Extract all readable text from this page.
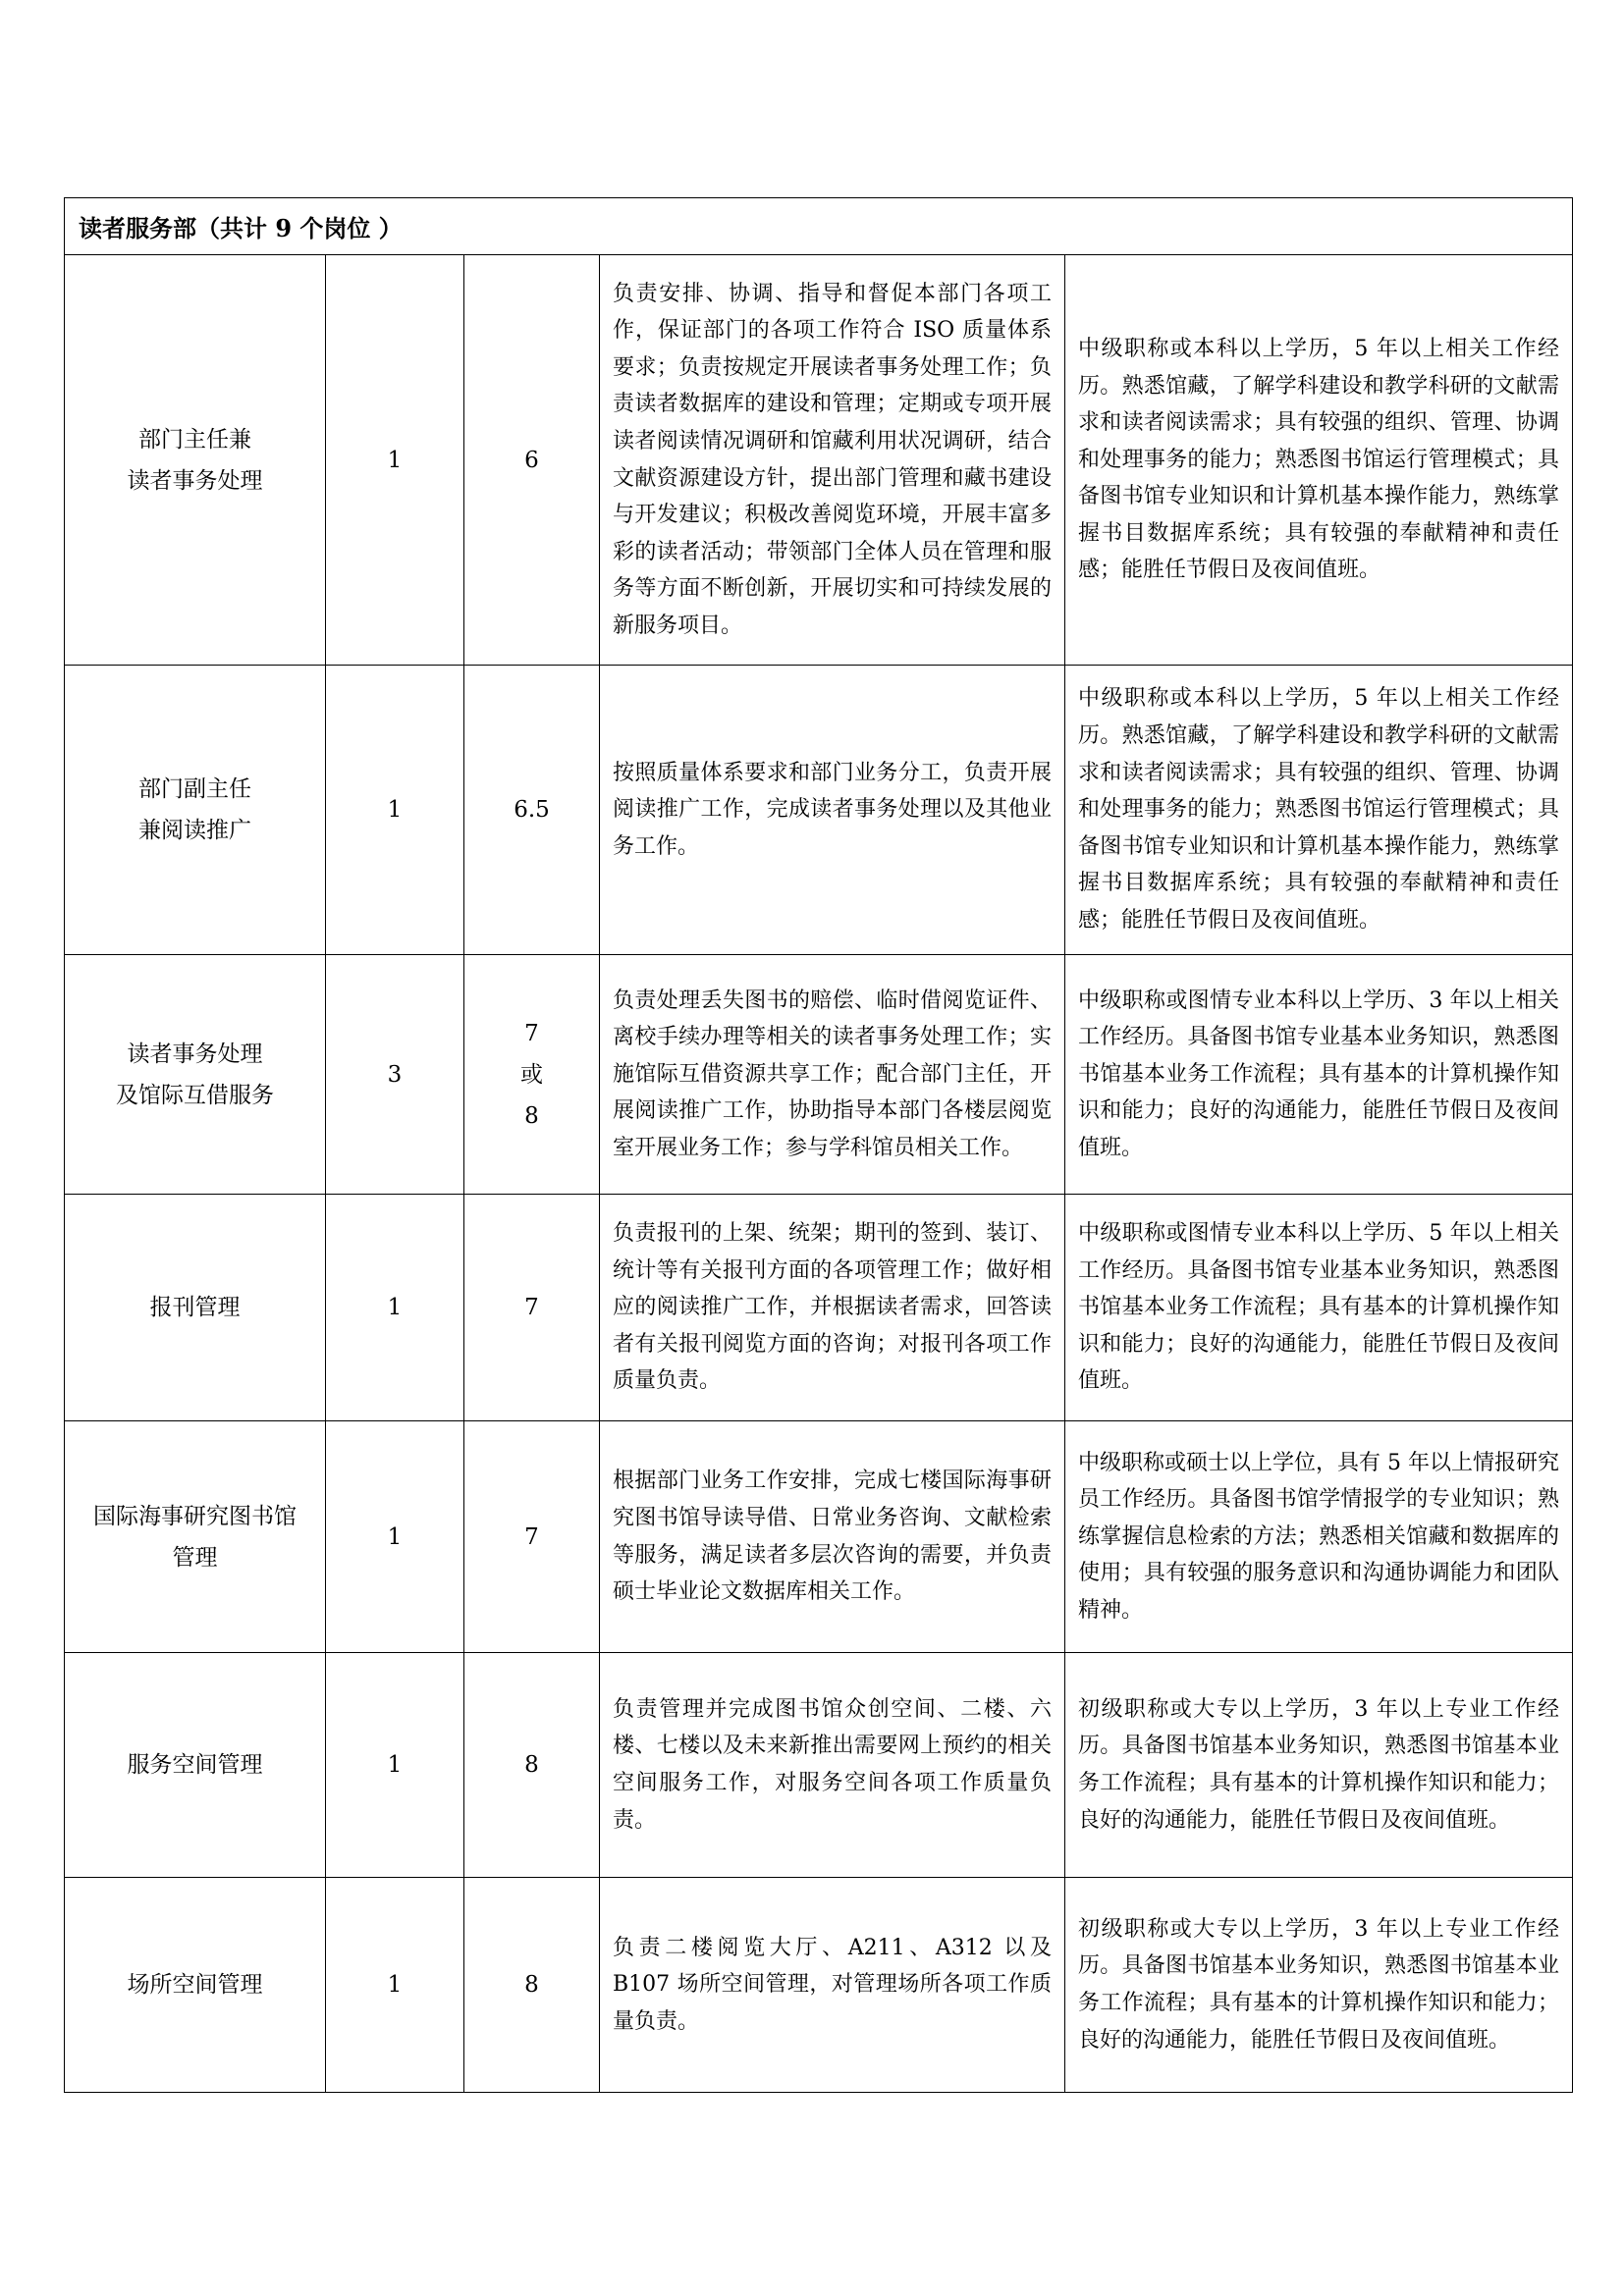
读者服务部（共计 9 个岗位 ）				

部门主任兼
读者事务处理	1	6	负责安排、协调、指导和督促本部门各项工作，保证部门的各项工作符合 ISO 质量体系要求；负责按规定开展读者事务处理工作；负责读者数据库的建设和管理；定期或专项开展读者阅读情况调研和馆藏利用状况调研，结合文献资源建设方针，提出部门管理和藏书建设与开发建议；积极改善阅览环境，开展丰富多彩的读者活动；带领部门全体人员在管理和服务等方面不断创新，开展切实和可持续发展的新服务项目。	中级职称或本科以上学历，5 年以上相关工作经历。熟悉馆藏，了解学科建设和教学科研的文献需求和读者阅读需求；具有较强的组织、管理、协调和处理事务的能力；熟悉图书馆运行管理模式；具备图书馆专业知识和计算机基本操作能力，熟练掌握书目数据库系统；具有较强的奉献精神和责任感；能胜任节假日及夜间值班。

部门副主任
兼阅读推广	1	6.5	按照质量体系要求和部门业务分工，负责开展阅读推广工作，完成读者事务处理以及其他业务工作。	中级职称或本科以上学历，5 年以上相关工作经历。熟悉馆藏，了解学科建设和教学科研的文献需求和读者阅读需求；具有较强的组织、管理、协调和处理事务的能力；熟悉图书馆运行管理模式；具备图书馆专业知识和计算机基本操作能力，熟练掌握书目数据库系统；具有较强的奉献精神和责任感；能胜任节假日及夜间值班。

读者事务处理
及馆际互借服务	3	7
或
8	负责处理丢失图书的赔偿、临时借阅览证件、离校手续办理等相关的读者事务处理工作；实施馆际互借资源共享工作；配合部门主任，开展阅读推广工作，协助指导本部门各楼层阅览室开展业务工作；参与学科馆员相关工作。	中级职称或图情专业本科以上学历、3 年以上相关工作经历。具备图书馆专业基本业务知识，熟悉图书馆基本业务工作流程；具有基本的计算机操作知识和能力；良好的沟通能力，能胜任节假日及夜间值班。

报刊管理	1	7	负责报刊的上架、统架；期刊的签到、装订、统计等有关报刊方面的各项管理工作；做好相应的阅读推广工作，并根据读者需求，回答读者有关报刊阅览方面的咨询；对报刊各项工作质量负责。	中级职称或图情专业本科以上学历、5 年以上相关工作经历。具备图书馆专业基本业务知识，熟悉图书馆基本业务工作流程；具有基本的计算机操作知识和能力；良好的沟通能力，能胜任节假日及夜间值班。

国际海事研究图书馆
管理	1	7	根据部门业务工作安排，完成七楼国际海事研究图书馆导读导借、日常业务咨询、文献检索等服务，满足读者多层次咨询的需要，并负责硕士毕业论文数据库相关工作。	中级职称或硕士以上学位，具有 5 年以上情报研究员工作经历。具备图书馆学情报学的专业知识；熟练掌握信息检索的方法；熟悉相关馆藏和数据库的使用；具有较强的服务意识和沟通协调能力和团队精神。

服务空间管理	1	8	负责管理并完成图书馆众创空间、二楼、六楼、七楼以及未来新推出需要网上预约的相关空间服务工作，对服务空间各项工作质量负责。	初级职称或大专以上学历，3 年以上专业工作经历。具备图书馆基本业务知识，熟悉图书馆基本业务工作流程；具有基本的计算机操作知识和能力；良好的沟通能力，能胜任节假日及夜间值班。

场所空间管理	1	8	负责二楼阅览大厅、A211、A312 以及 B107 场所空间管理，对管理场所各项工作质量负责。	初级职称或大专以上学历，3 年以上专业工作经历。具备图书馆基本业务知识，熟悉图书馆基本业务工作流程；具有基本的计算机操作知识和能力；良好的沟通能力，能胜任节假日及夜间值班。
